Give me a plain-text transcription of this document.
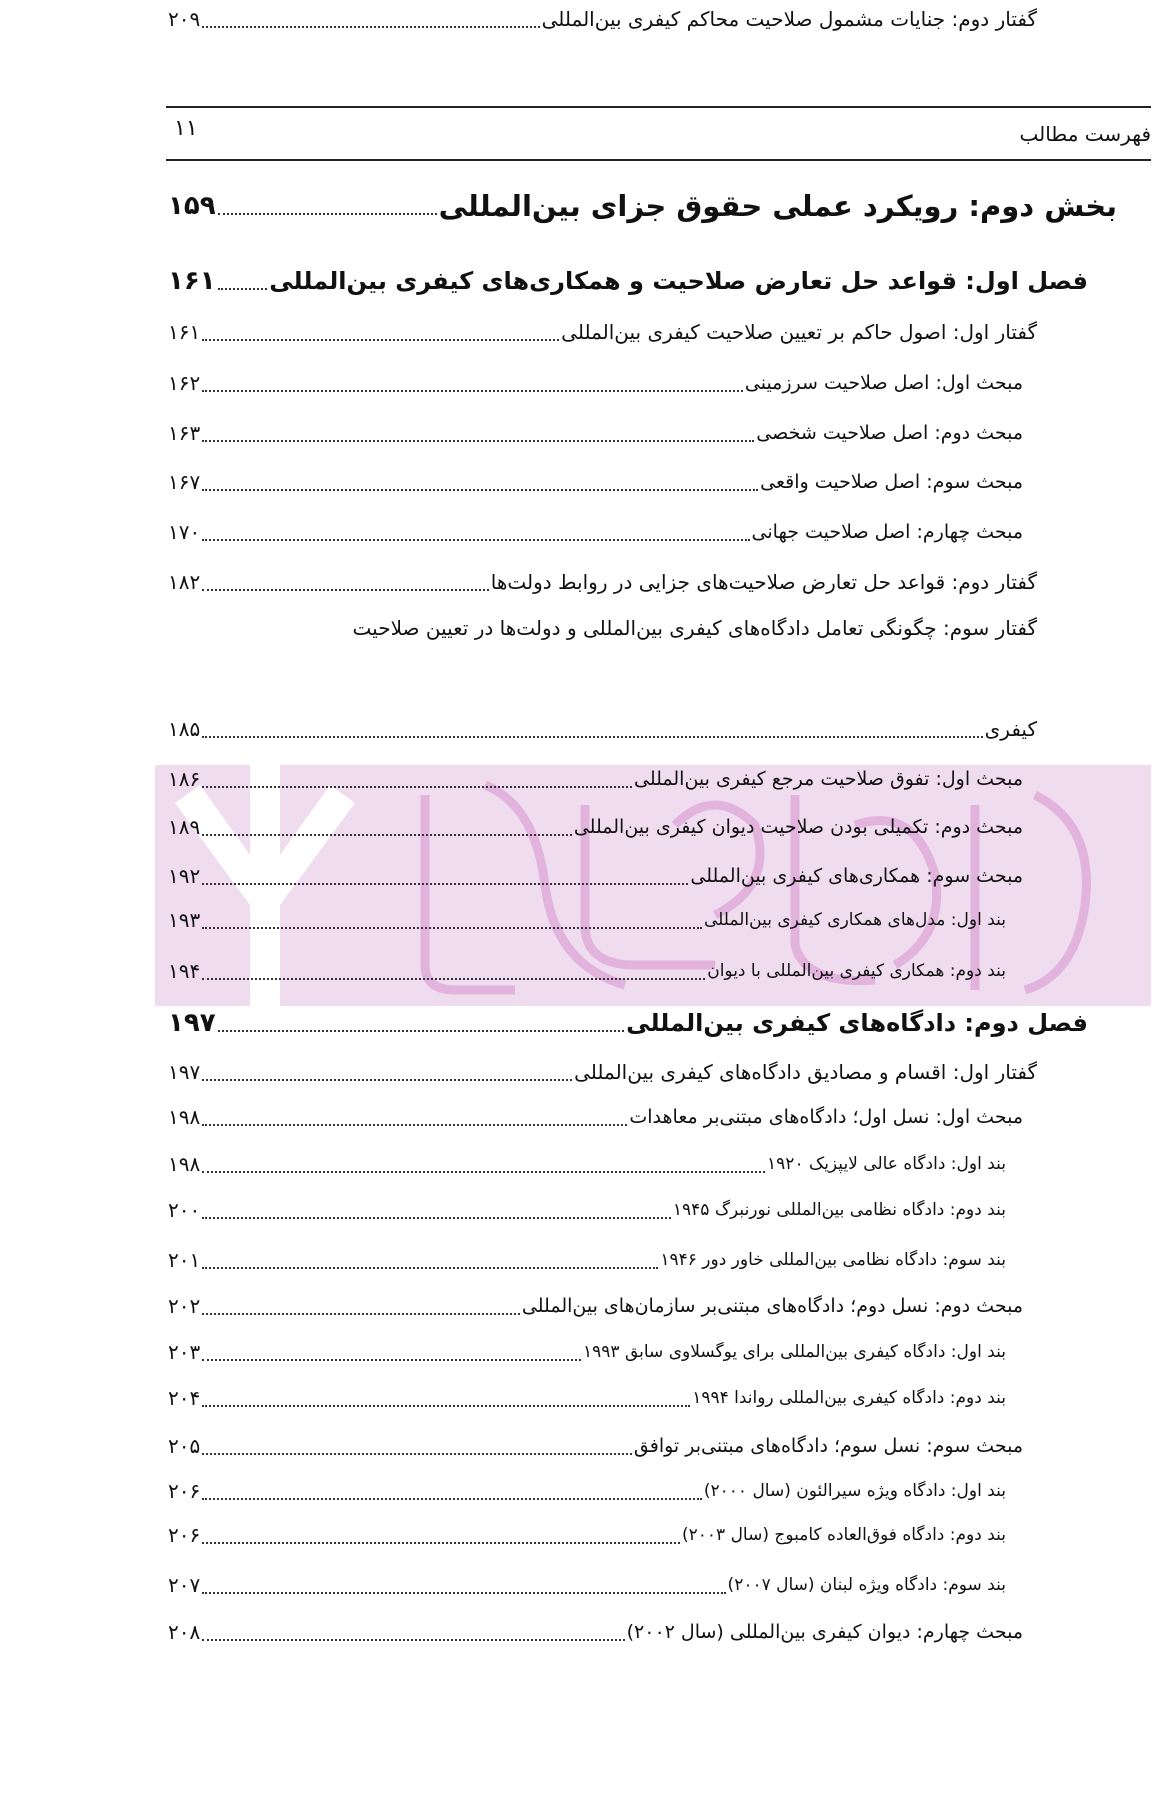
فهرست مطالب
۱۱
بخش دوم: رویکرد عملی حقوق جزای بین‌المللی
۱۵۹
فصل اول: قواعد حل تعارض صلاحیت و همکاری‌های کیفری بین‌المللی
۱۶۱
گفتار اول: اصول حاکم بر تعیین صلاحیت کیفری بین‌المللی
۱۶۱
مبحث اول: اصل صلاحیت سرزمینی
۱۶۲
مبحث دوم: اصل صلاحیت شخصی
۱۶۳
مبحث سوم: اصل صلاحیت واقعی
۱۶۷
مبحث چهارم: اصل صلاحیت جهانی
۱۷۰
گفتار دوم: قواعد حل تعارض صلاحیت‌های جزایی در روابط دولت‌ها
۱۸۲
گفتار سوم: چگونگی تعامل دادگاه‌های کیفری بین‌المللی و دولت‌ها در تعیین صلاحیت
کیفری
۱۸۵
مبحث اول: تفوق صلاحیت مرجع کیفری بین‌المللی
۱۸۶
مبحث دوم: تکمیلی بودن صلاحیت دیوان کیفری بین‌المللی
۱۸۹
مبحث سوم: همکاری‌های کیفری بین‌المللی
۱۹۲
بند اول: مدل‌های همکاری کیفری بین‌المللی
۱۹۳
بند دوم: همکاری کیفری بین‌المللی با دیوان
۱۹۴
فصل دوم: دادگاه‌های کیفری بین‌المللی
۱۹۷
گفتار اول: اقسام و مصادیق دادگاه‌های کیفری بین‌المللی
۱۹۷
مبحث اول: نسل اول؛ دادگاه‌های مبتنی‌بر معاهدات
۱۹۸
بند اول: دادگاه عالی لایپزیک ۱۹۲۰
۱۹۸
بند دوم: دادگاه نظامی بین‌المللی نورنبرگ ۱۹۴۵
۲۰۰
بند سوم: دادگاه نظامی بین‌المللی خاور دور ۱۹۴۶
۲۰۱
مبحث دوم: نسل دوم؛ دادگاه‌های مبتنی‌بر سازمان‌های بین‌المللی
۲۰۲
بند اول: دادگاه کیفری بین‌المللی برای یوگسلاوی سابق ۱۹۹۳
۲۰۳
بند دوم: دادگاه کیفری بین‌المللی رواندا ۱۹۹۴
۲۰۴
مبحث سوم: نسل سوم؛ دادگاه‌های مبتنی‌بر توافق
۲۰۵
بند اول: دادگاه ویژه سیرالئون (سال ۲۰۰۰)
۲۰۶
بند دوم: دادگاه فوق‌العاده کامبوج (سال ۲۰۰۳)
۲۰۶
بند سوم: دادگاه ویژه لبنان (سال ۲۰۰۷)
۲۰۷
مبحث چهارم: دیوان کیفری بین‌المللی (سال ۲۰۰۲)
۲۰۸
گفتار دوم: جنایات مشمول صلاحیت محاکم کیفری بین‌المللی
۲۰۹
